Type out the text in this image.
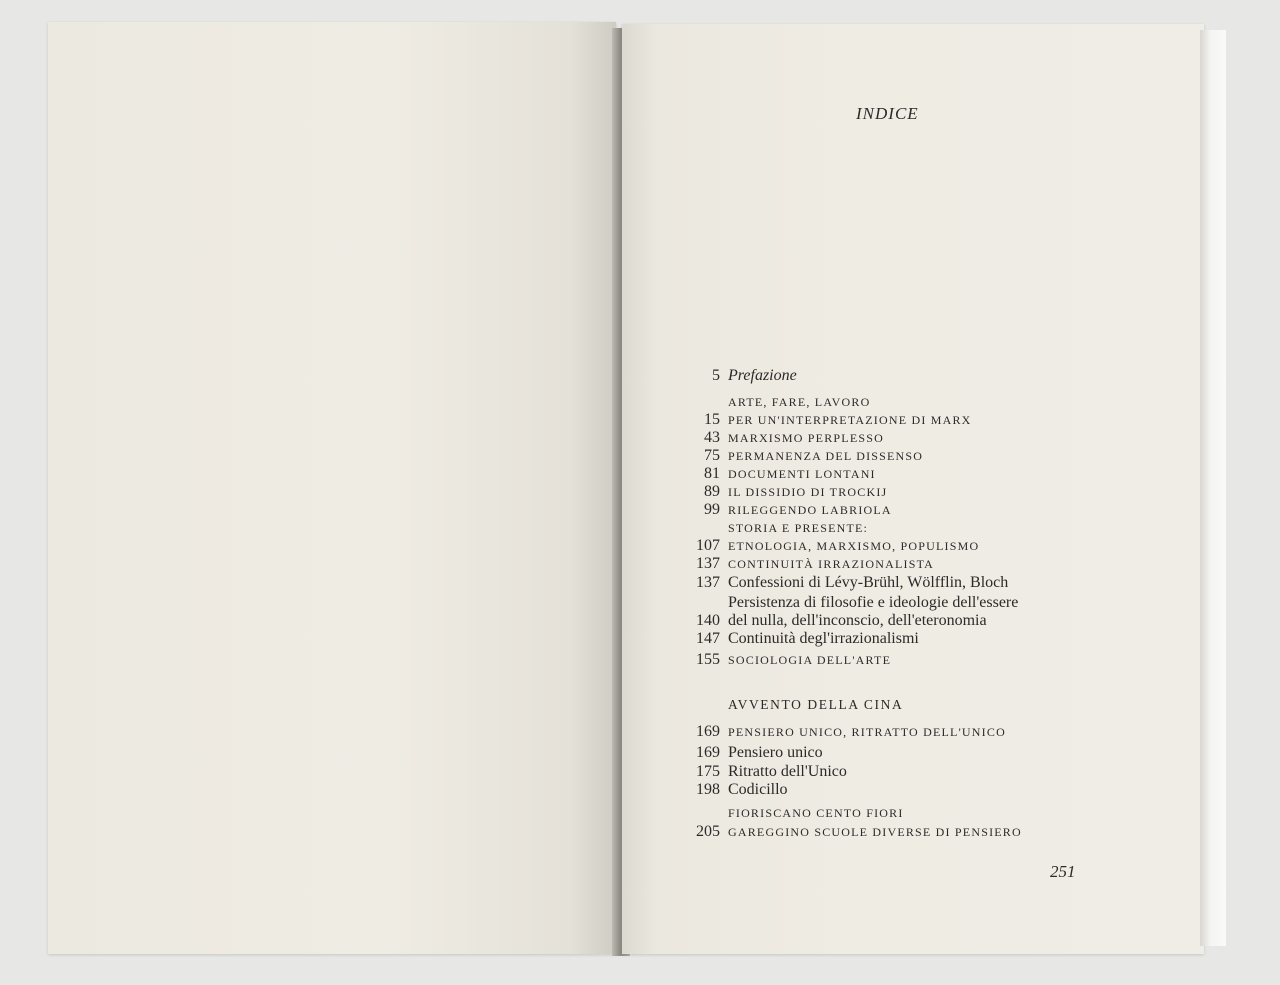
INDICE
5 Prefazione
ARTE, FARE, LAVORO
15 PER UN'INTERPRETAZIONE DI MARX
43 MARXISMO PERPLESSO
75 PERMANENZA DEL DISSENSO
81 DOCUMENTI LONTANI
89 IL DISSIDIO DI TROCKIJ
99 RILEGGENDO LABRIOLA
STORIA E PRESENTE:
107 ETNOLOGIA, MARXISMO, POPULISMO
137 CONTINUITÀ IRRAZIONALISTA
137 Confessioni di Lévy-Brühl, Wölfflin, Bloch
Persistenza di filosofie e ideologie dell'essere
140 del nulla, dell'inconscio, dell'eteronomia
147 Continuità degl'irrazionalismi
155 SOCIOLOGIA DELL'ARTE
AVVENTO DELLA CINA
169 PENSIERO UNICO, RITRATTO DELL'UNICO
169 Pensiero unico
175 Ritratto dell'Unico
198 Codicillo
FIORISCANO CENTO FIORI
205 GAREGGINO SCUOLE DIVERSE DI PENSIERO
251
